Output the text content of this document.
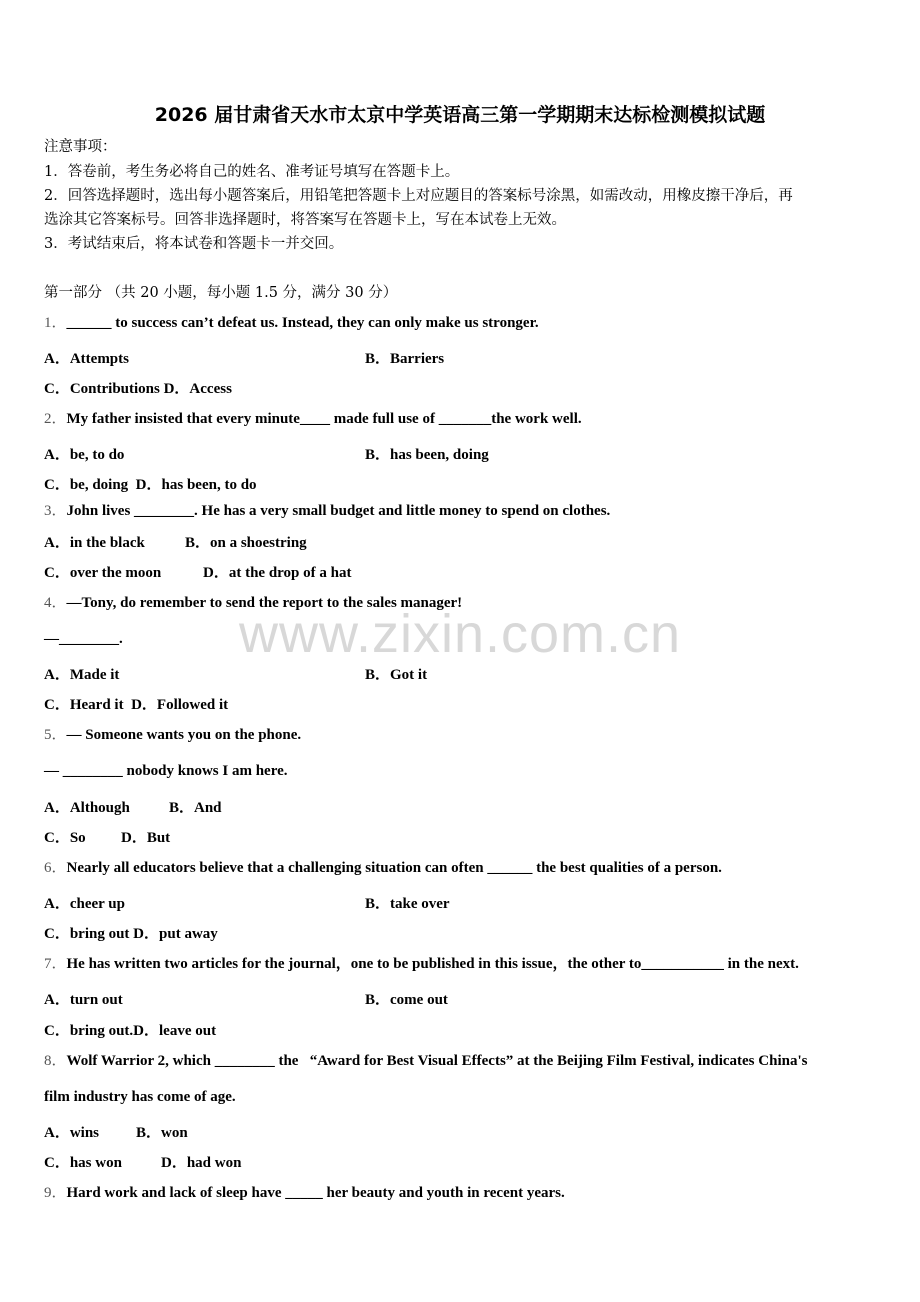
2026 届甘肃省天水市太京中学英语高三第一学期期末达标检测模拟试题
注意事项：
1．答卷前，考生务必将自己的姓名、准考证号填写在答题卡上。
2．回答选择题时，选出每小题答案后，用铅笔把答题卡上对应题目的答案标号涂黑，如需改动，用橡皮擦干净后，再
选涂其它答案标号。回答非选择题时，将答案写在答题卡上，写在本试卷上无效。
3．考试结束后，将本试卷和答题卡一并交回。
第一部分 （共 20 小题，每小题 1.5 分，满分 30 分）
1．______ to success can’t defeat us. Instead, they can only make us stronger.
A．Attempts	B．Barriers
C．Contributions D．Access
2．My father insisted that every minute____ made full use of _______the work well.
A．be, to do	B．has been, doing
C．be, doing  D．has been, to do
3．John lives ________. He has a very small budget and little money to spend on clothes.
A．in the black	B．on a shoestring
C．over the moon	D．at the drop of a hat
4．—Tony, do remember to send the report to the sales manager!
—________.
A．Made it	B．Got it
C．Heard it  D．Followed it
5．— Someone wants you on the phone.
— ________ nobody knows I am here.
A．Although	B．And
C．So D．But
6．Nearly all educators believe that a challenging situation can often ______ the best qualities of a person.
A．cheer up	B．take over
C．bring out D．put away
7．He has written two articles for the journal，one to be published in this issue，the other to___________ in the next.
A．turn out	B．come out
C．bring out.D．leave out
8．Wolf Warrior 2, which ________ the   “Award for Best Visual Effects” at the Beijing Film Festival, indicates China's
film industry has come of age.
A．wins B．won
C．has won	D．had won
9．Hard work and lack of sleep have _____ her beauty and youth in recent years.
www.zixin.com.cn
